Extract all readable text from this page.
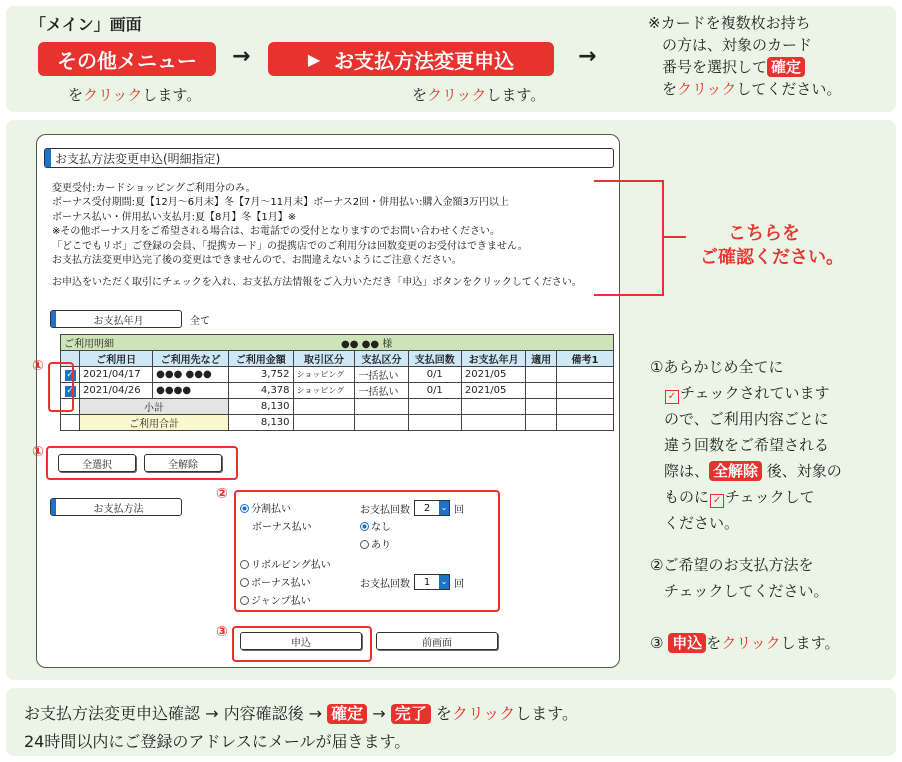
「メイン」画面
その他メニュー	→	▶ お支払方法変更申込	→
をクリックします。	をクリックします。
※カードを複数枚お持ち
の方は、対象のカード
番号を選択して 確定
をクリックしてください。
お支払方法変更申込(明細指定)
変更受付:カードショッピングご利用分のみ。
ボーナス受付期間:夏【12月〜6月末】冬【7月〜11月末】ボーナス2回・併用払い:購入金額3万円以上
ボーナス払い・併用払い支払月:夏【8月】冬【1月】※
※その他ボーナス月をご希望される場合は、お電話での受付となりますのでお問い合わせください。
「どこでもリボ」ご登録の会員、「提携カード」の提携店でのご利用分は回数変更のお受付はできません。
お支払方法変更申込完了後の変更はできませんので、お間違えないようにご注意ください。
お申込をいただく取引にチェックを入れ、お支払方法情報をご入力いただき「申込」ボタンをクリックしてください。
こちらを
ご確認ください。
お支払年月	全て
ご利用明細 ●● ●● 様									

	ご利用日	ご利用先など	ご利用金額	取引区分	支払区分	支払回数	お支払年月	適用	備考1
✓	2021/04/17	●●● ●●●	3,752	ショッピング	一括払い	0/1	2021/05		
✓	2021/04/26	●●●●	4,378	ショッピング	一括払い	0/1	2021/05		
	小計		8,130						
	ご利用合計		8,130						
①
①
全選択	全解除
お支払方法
②
分割払い	お支払回数	2	⌄ 回
ボーナス払い	なし
あり
リボルビング払い
ボーナス払い	お支払回数	1	⌄ 回
ジャンプ払い
③
申込	前画面
①あらかじめ全てに
✓ チェックされています
ので、ご利用内容ごとに
違う回数をご希望される
際は、 全解除 後、対象の
ものに ✓ チェックして
ください。
②ご希望のお支払方法を
チェックしてください。
③ 申込 をクリックします。
お支払方法変更申込確認 → 内容確認後 → 確定 → 完了 をクリックします。
24時間以内にご登録のアドレスにメールが届きます。
